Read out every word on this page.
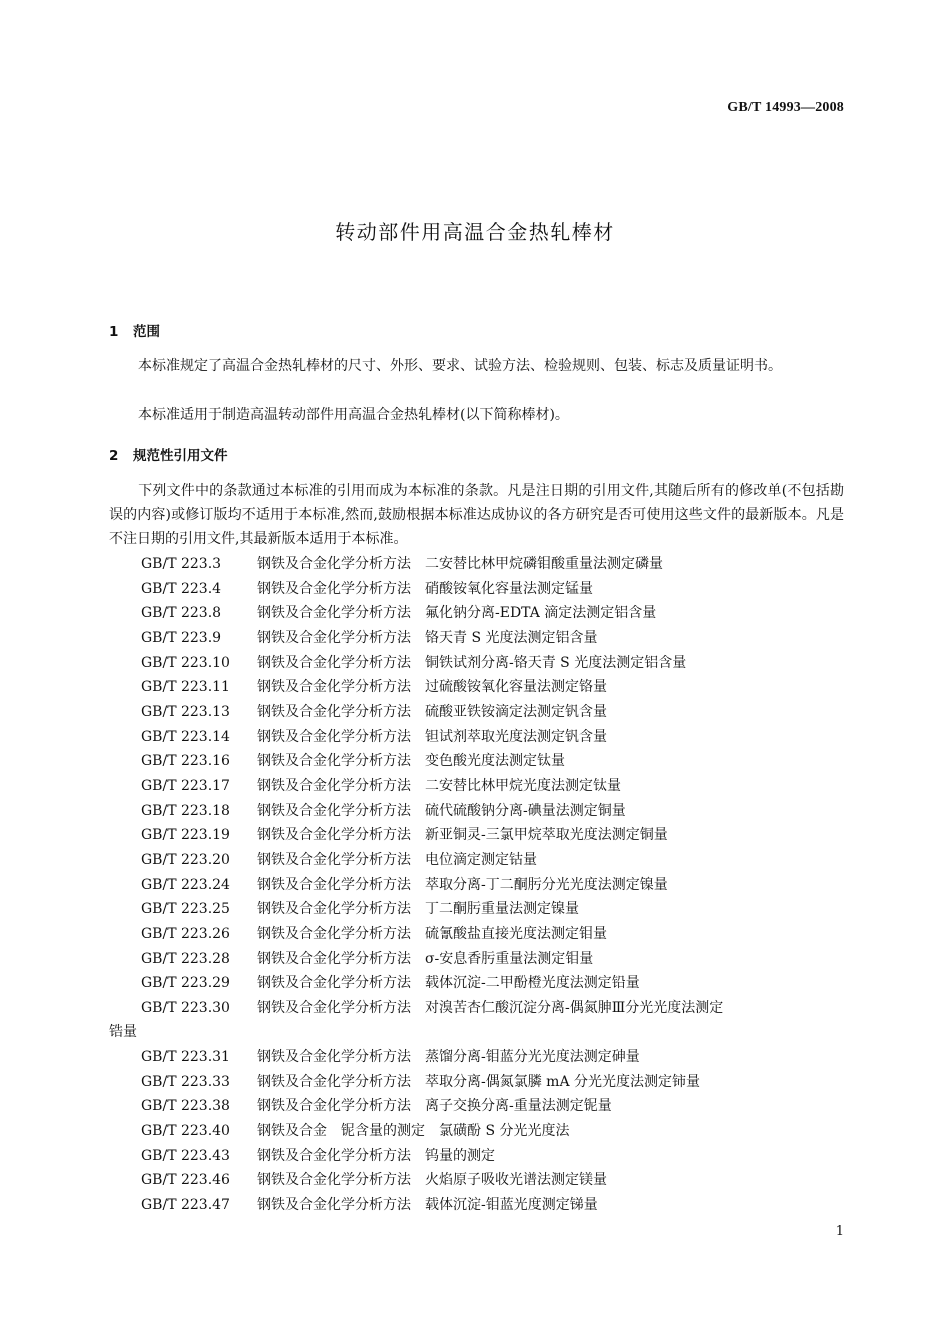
GB/T 14993—2008
转动部件用高温合金热轧棒材
1 范围
本标准规定了高温合金热轧棒材的尺寸、外形、要求、试验方法、检验规则、包装、标志及质量证明书。
本标准适用于制造高温转动部件用高温合金热轧棒材(以下简称棒材)。
2 规范性引用文件
下列文件中的条款通过本标准的引用而成为本标准的条款。凡是注日期的引用文件,其随后所有的修改单(不包括勘误的内容)或修订版均不适用于本标准,然而,鼓励根据本标准达成协议的各方研究是否可使用这些文件的最新版本。凡是不注日期的引用文件,其最新版本适用于本标准。
GB/T 223.3	钢铁及合金化学分析方法　二安替比林甲烷磷钼酸重量法测定磷量
GB/T 223.4	钢铁及合金化学分析方法　硝酸铵氧化容量法测定锰量
GB/T 223.8	钢铁及合金化学分析方法　氟化钠分离-EDTA 滴定法测定铝含量
GB/T 223.9	钢铁及合金化学分析方法　铬天青 S 光度法测定铝含量
GB/T 223.10 钢铁及合金化学分析方法　铜铁试剂分离-铬天青 S 光度法测定铝含量
GB/T 223.11 钢铁及合金化学分析方法　过硫酸铵氧化容量法测定铬量
GB/T 223.13 钢铁及合金化学分析方法　硫酸亚铁铵滴定法测定钒含量
GB/T 223.14 钢铁及合金化学分析方法　钽试剂萃取光度法测定钒含量
GB/T 223.16 钢铁及合金化学分析方法　变色酸光度法测定钛量
GB/T 223.17 钢铁及合金化学分析方法　二安替比林甲烷光度法测定钛量
GB/T 223.18 钢铁及合金化学分析方法　硫代硫酸钠分离-碘量法测定铜量
GB/T 223.19 钢铁及合金化学分析方法　新亚铜灵-三氯甲烷萃取光度法测定铜量
GB/T 223.20 钢铁及合金化学分析方法　电位滴定测定钴量
GB/T 223.24 钢铁及合金化学分析方法　萃取分离-丁二酮肟分光光度法测定镍量
GB/T 223.25 钢铁及合金化学分析方法　丁二酮肟重量法测定镍量
GB/T 223.26 钢铁及合金化学分析方法　硫氰酸盐直接光度法测定钼量
GB/T 223.28 钢铁及合金化学分析方法　σ-安息香肟重量法测定钼量
GB/T 223.29 钢铁及合金化学分析方法　载体沉淀-二甲酚橙光度法测定铅量
GB/T 223.30 钢铁及合金化学分析方法　对溴苦杏仁酸沉淀分离-偶氮胂Ⅲ分光光度法测定
锆量
GB/T 223.31 钢铁及合金化学分析方法　蒸馏分离-钼蓝分光光度法测定砷量
GB/T 223.33 钢铁及合金化学分析方法　萃取分离-偶氮氯膦 mA 分光光度法测定铈量
GB/T 223.38 钢铁及合金化学分析方法　离子交换分离-重量法测定铌量
GB/T 223.40 钢铁及合金　铌含量的测定　氯磺酚 S 分光光度法
GB/T 223.43 钢铁及合金化学分析方法　钨量的测定
GB/T 223.46 钢铁及合金化学分析方法　火焰原子吸收光谱法测定镁量
GB/T 223.47 钢铁及合金化学分析方法　载体沉淀-钼蓝光度测定锑量
1
